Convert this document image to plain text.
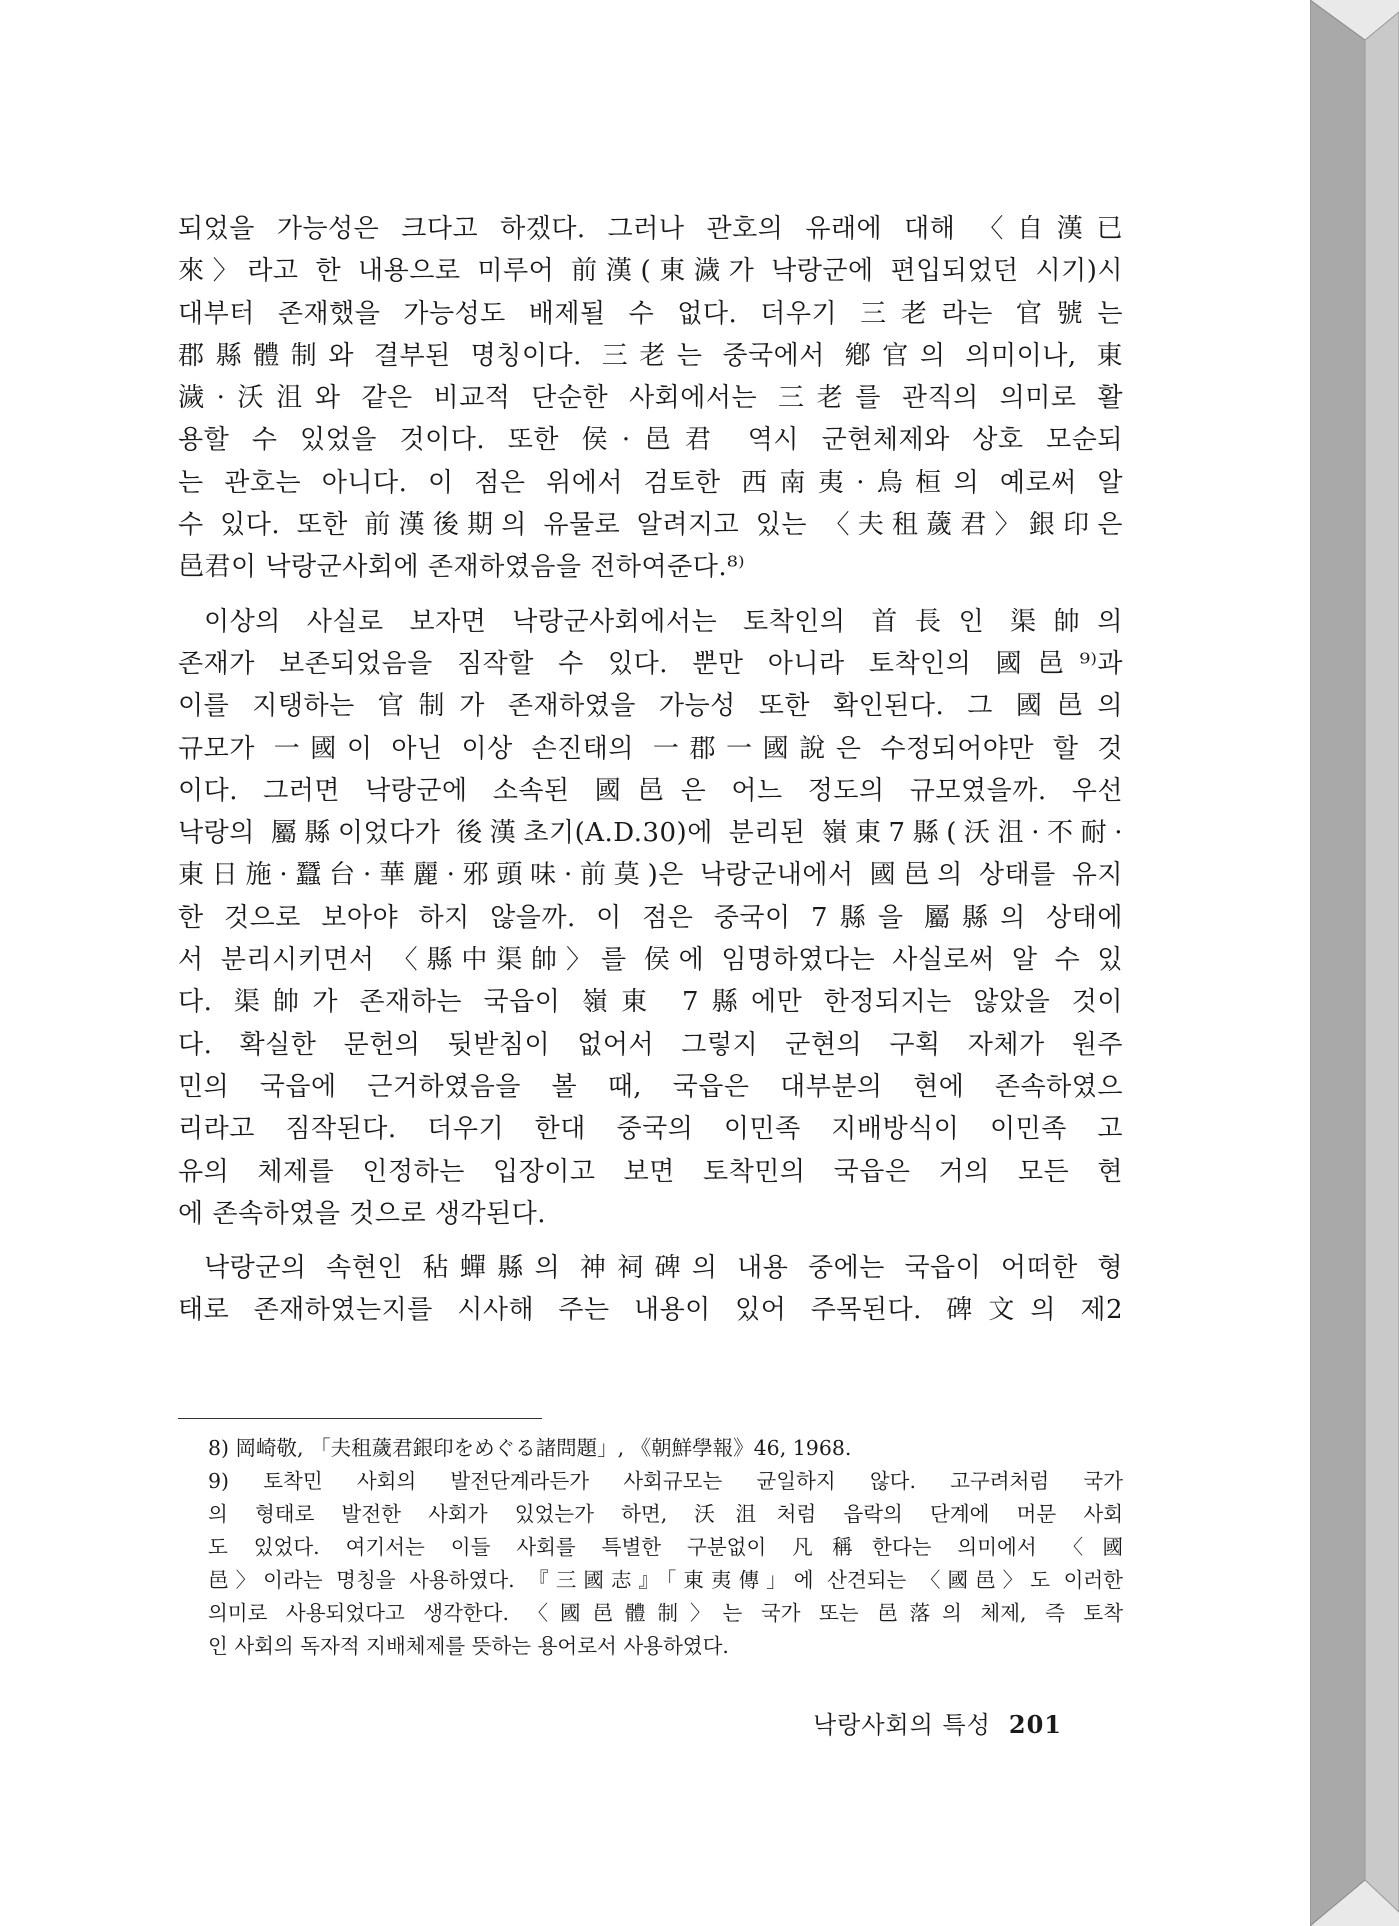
되었을 가능성은 크다고 하겠다. 그러나 관호의 유래에 대해 〈自漢已
來〉라고 한 내용으로 미루어 前漢(東濊가 낙랑군에 편입되었던 시기)시
대부터 존재했을 가능성도 배제될 수 없다. 더우기 三老라는 官號는
郡縣體制와 결부된 명칭이다. 三老는 중국에서 鄕官의 의미이나, 東
濊·沃沮와 같은 비교적 단순한 사회에서는 三老를 관직의 의미로 활
용할 수 있었을 것이다. 또한 侯·邑君 역시 군현체제와 상호 모순되
는 관호는 아니다. 이 점은 위에서 검토한 西南夷·烏桓의 예로써 알
수 있다. 또한 前漢後期의 유물로 알려지고 있는 〈夫租薉君〉銀印은
邑君이 낙랑군사회에 존재하였음을 전하여준다.⁸⁾
이상의 사실로 보자면 낙랑군사회에서는 토착인의 首長인 渠帥의
존재가 보존되었음을 짐작할 수 있다. 뿐만 아니라 토착인의 國邑⁹⁾과
이를 지탱하는 官制가 존재하였을 가능성 또한 확인된다. 그 國邑의
규모가 一國이 아닌 이상 손진태의 一郡一國說은 수정되어야만 할 것
이다. 그러면 낙랑군에 소속된 國邑은 어느 정도의 규모였을까. 우선
낙랑의 屬縣이었다가 後漢초기(A.D.30)에 분리된 嶺東7縣(沃沮·不耐·
東日施·蠶台·華麗·邪頭味·前莫)은 낙랑군내에서 國邑의 상태를 유지
한 것으로 보아야 하지 않을까. 이 점은 중국이 7縣을 屬縣의 상태에
서 분리시키면서 〈縣中渠帥〉를 侯에 임명하였다는 사실로써 알 수 있
다. 渠帥가 존재하는 국읍이 嶺東 7縣에만 한정되지는 않았을 것이
다. 확실한 문헌의 뒷받침이 없어서 그렇지 군현의 구획 자체가 원주
민의 국읍에 근거하였음을 볼 때, 국읍은 대부분의 현에 존속하였으
리라고 짐작된다. 더우기 한대 중국의 이민족 지배방식이 이민족 고
유의 체제를 인정하는 입장이고 보면 토착민의 국읍은 거의 모든 현
에 존속하였을 것으로 생각된다.
낙랑군의 속현인 秥蟬縣의 神祠碑의 내용 중에는 국읍이 어떠한 형
태로 존재하였는지를 시사해 주는 내용이 있어 주목된다. 碑文의 제2
8) 岡崎敬, 「夫租薉君銀印をめぐる諸問題」, 《朝鮮學報》46, 1968.
9) 토착민 사회의 발전단계라든가 사회규모는 균일하지 않다. 고구려처럼 국가
의 형태로 발전한 사회가 있었는가 하면, 沃沮처럼 읍락의 단계에 머문 사회
도 있었다. 여기서는 이들 사회를 특별한 구분없이 凡稱한다는 의미에서 〈國
邑〉이라는 명칭을 사용하였다. 『三國志』「東夷傳」에 산견되는 〈國邑〉도 이러한
의미로 사용되었다고 생각한다. 〈國邑體制〉는 국가 또는 邑落의 체제, 즉 토착
인 사회의 독자적 지배체제를 뜻하는 용어로서 사용하였다.
낙랑사회의 특성 201
